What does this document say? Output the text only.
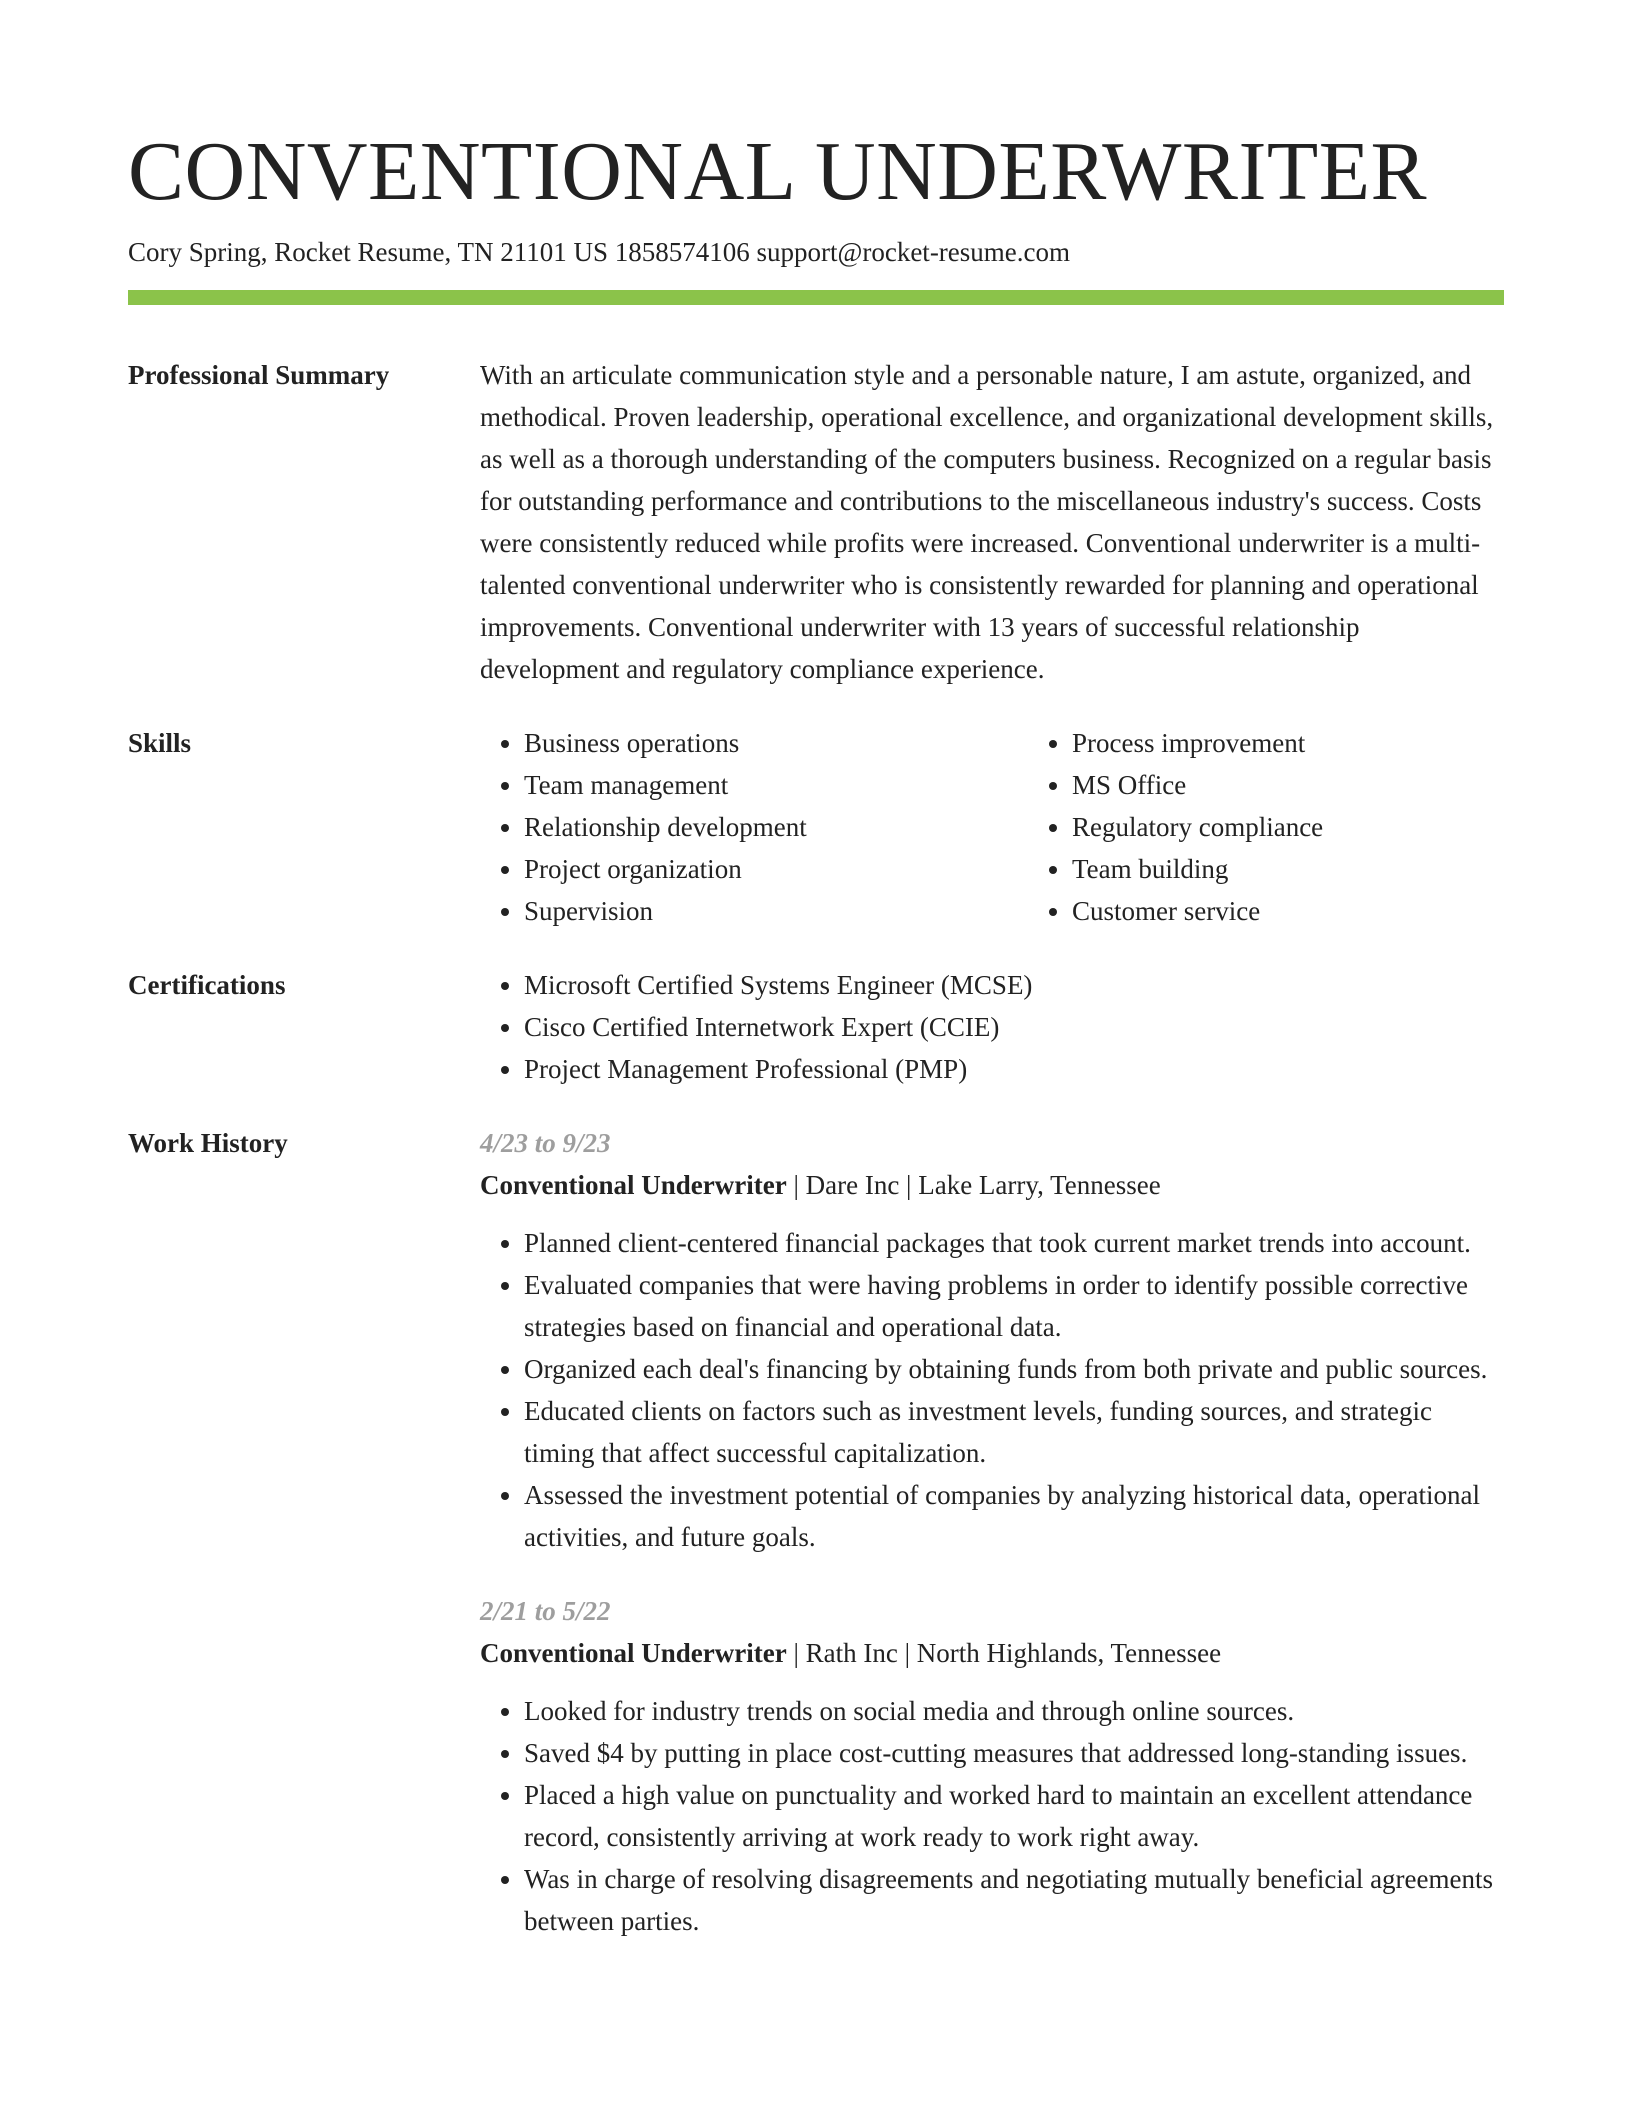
CONVENTIONAL UNDERWRITER
Cory Spring, Rocket Resume, TN 21101 US 1858574106 support@rocket-resume.com
Professional Summary	With an articulate communication style and a personable nature, I am astute, organized, and methodical. Proven leadership, operational excellence, and organizational development skills, as well as a thorough understanding of the computers business. Recognized on a regular basis for outstanding performance and contributions to the miscellaneous industry's success. Costs were consistently reduced while profits were increased. Conventional underwriter is a multi-talented conventional underwriter who is consistently rewarded for planning and operational improvements. Conventional underwriter with 13 years of successful relationship development and regulatory compliance experience.
Skills	• Business operations
• Team management
• Relationship development
• Project organization
• Supervision
• Process improvement
• MS Office
• Regulatory compliance
• Team building
• Customer service
Certifications	• Microsoft Certified Systems Engineer (MCSE)
• Cisco Certified Internetwork Expert (CCIE)
• Project Management Professional (PMP)
Work History	4/23 to 9/23
Conventional Underwriter | Dare Inc | Lake Larry, Tennessee
• Planned client-centered financial packages that took current market trends into account.
• Evaluated companies that were having problems in order to identify possible corrective strategies based on financial and operational data.
• Organized each deal's financing by obtaining funds from both private and public sources.
• Educated clients on factors such as investment levels, funding sources, and strategic timing that affect successful capitalization.
• Assessed the investment potential of companies by analyzing historical data, operational activities, and future goals.
2/21 to 5/22
Conventional Underwriter | Rath Inc | North Highlands, Tennessee
• Looked for industry trends on social media and through online sources.
• Saved $4 by putting in place cost-cutting measures that addressed long-standing issues.
• Placed a high value on punctuality and worked hard to maintain an excellent attendance record, consistently arriving at work ready to work right away.
• Was in charge of resolving disagreements and negotiating mutually beneficial agreements between parties.
